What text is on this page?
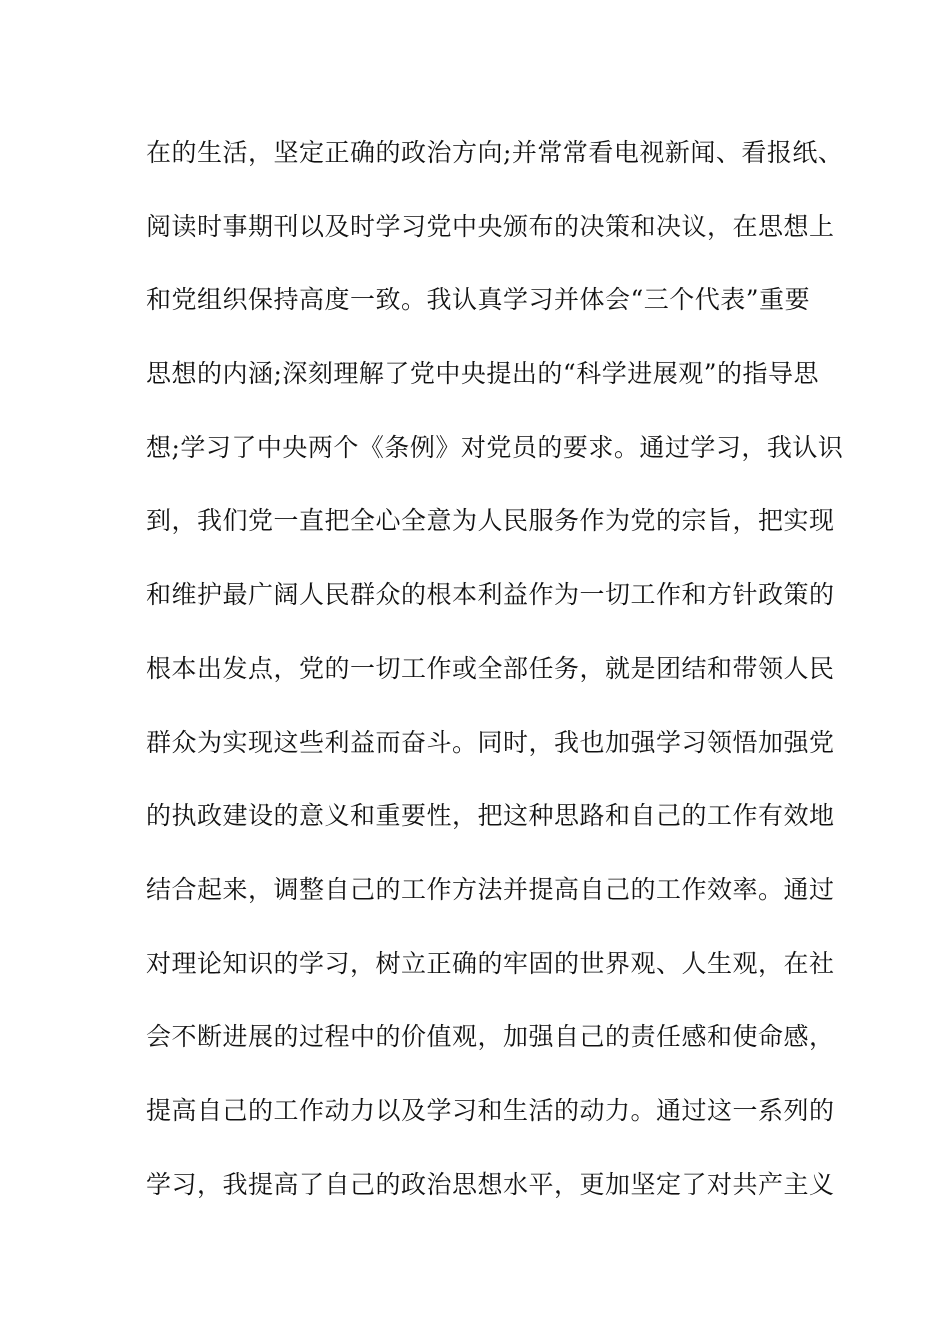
在的生活，坚定正确的政治方向;并常常看电视新闻、看报纸、
阅读时事期刊以及时学习党中央颁布的决策和决议，在思想上
和党组织保持高度一致。我认真学习并体会“三个代表”重要
思想的内涵;深刻理解了党中央提出的“科学进展观”的指导思
想;学习了中央两个《条例》对党员的要求。通过学习，我认识
到，我们党一直把全心全意为人民服务作为党的宗旨，把实现
和维护最广阔人民群众的根本利益作为一切工作和方针政策的
根本出发点，党的一切工作或全部任务，就是团结和带领人民
群众为实现这些利益而奋斗。同时，我也加强学习领悟加强党
的执政建设的意义和重要性，把这种思路和自己的工作有效地
结合起来，调整自己的工作方法并提高自己的工作效率。通过
对理论知识的学习，树立正确的牢固的世界观、人生观，在社
会不断进展的过程中的价值观，加强自己的责任感和使命感，
提高自己的工作动力以及学习和生活的动力。通过这一系列的
学习，我提高了自己的政治思想水平，更加坚定了对共产主义
